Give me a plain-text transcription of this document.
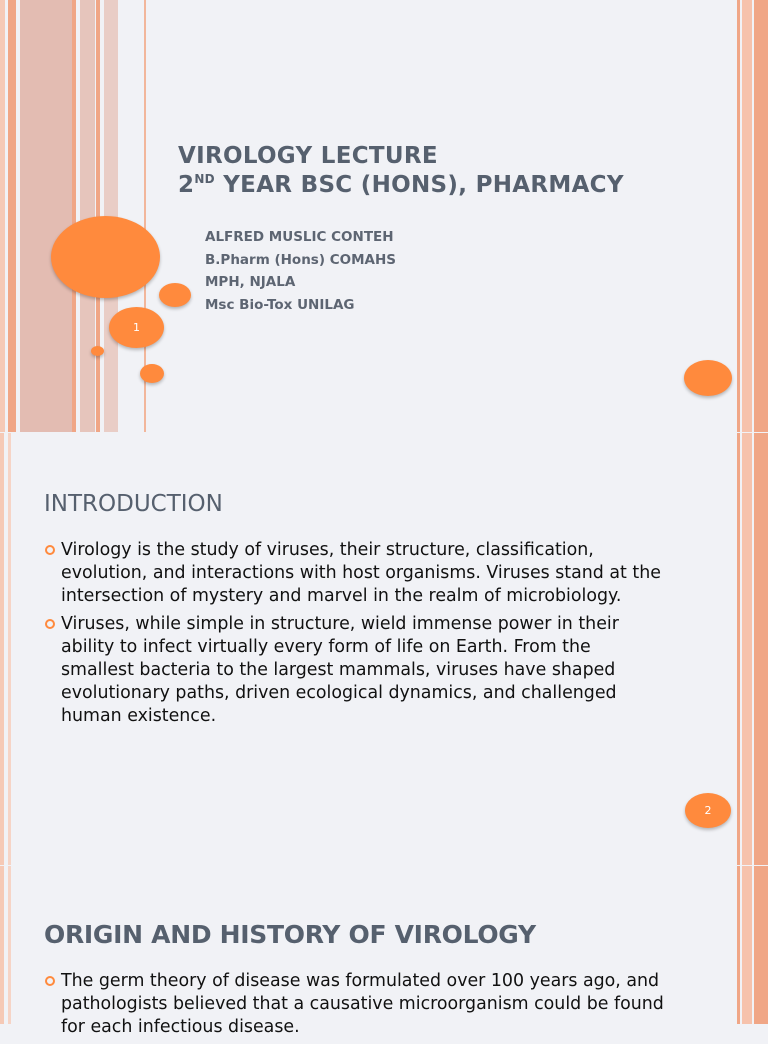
1
VIROLOGY LECTURE
2ND YEAR BSC (HONS), PHARMACY
ALFRED MUSLIC CONTEH
B.Pharm (Hons) COMAHS
MPH, NJALA
Msc Bio-Tox UNILAG
INTRODUCTION
Virology is the study of viruses, their structure, classification, evolution, and interactions with host organisms. Viruses stand at the intersection of mystery and marvel in the realm of microbiology.
Viruses, while simple in structure, wield immense power in their ability to infect virtually every form of life on Earth. From the smallest bacteria to the largest mammals, viruses have shaped evolutionary paths, driven ecological dynamics, and challenged human existence.
2
ORIGIN AND HISTORY OF VIROLOGY
The germ theory of disease was formulated over 100 years ago, and pathologists believed that a causative microorganism could be found for each infectious disease.
